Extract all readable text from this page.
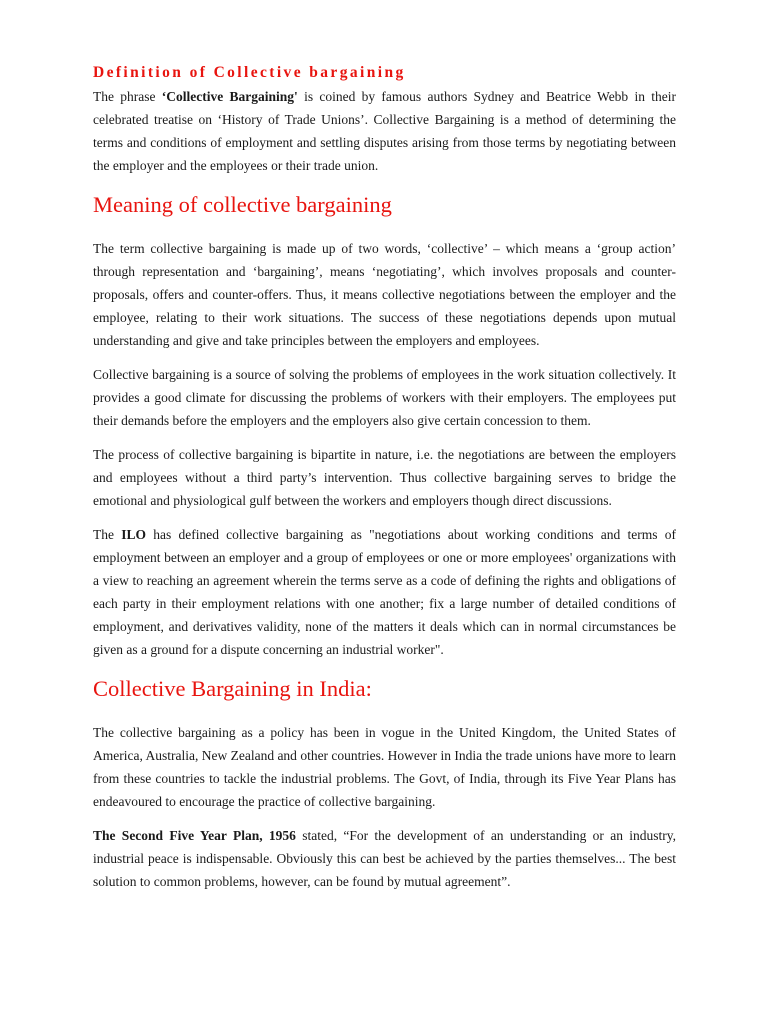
Definition of Collective bargaining

The phrase ‘Collective Bargaining' is coined by famous authors Sydney and Beatrice Webb in their celebrated treatise on ‘History of Trade Unions’. Collective Bargaining is a method of determining the terms and conditions of employment and settling disputes arising from those terms by negotiating between the employer and the employees or their trade union.

Meaning of collective bargaining

The term collective bargaining is made up of two words, ‘collective’ – which means a ‘group action’ through representation and ‘bargaining’, means ‘negotiating’, which involves proposals and counter-proposals, offers and counter-offers. Thus, it means collective negotiations between the employer and the employee, relating to their work situations. The success of these negotiations depends upon mutual understanding and give and take principles between the employers and employees.

Collective bargaining is a source of solving the problems of employees in the work situation collectively. It provides a good climate for discussing the problems of workers with their employers. The employees put their demands before the employers and the employers also give certain concession to them.

The process of collective bargaining is bipartite in nature, i.e. the negotiations are between the employers and employees without a third party’s intervention. Thus collective bargaining serves to bridge the emotional and physiological gulf between the workers and employers though direct discussions.

The ILO has defined collective bargaining as "negotiations about working conditions and terms of employment between an employer and a group of employees or one or more employees' organizations with a view to reaching an agreement wherein the terms serve as a code of defining the rights and obligations of each party in their employment relations with one another; fix a large number of detailed conditions of employment, and derivatives validity, none of the matters it deals which can in normal circumstances be given as a ground for a dispute concerning an industrial worker".

Collective Bargaining in India:

The collective bargaining as a policy has been in vogue in the United Kingdom, the United States of America, Australia, New Zealand and other countries. However in India the trade unions have more to learn from these countries to tackle the industrial problems. The Govt, of India, through its Five Year Plans has endeavoured to encourage the practice of collective bargaining.

The Second Five Year Plan, 1956 stated, “For the development of an understanding or an industry, industrial peace is indispensable. Obviously this can best be achieved by the parties themselves... The best solution to common problems, however, can be found by mutual agreement”.
